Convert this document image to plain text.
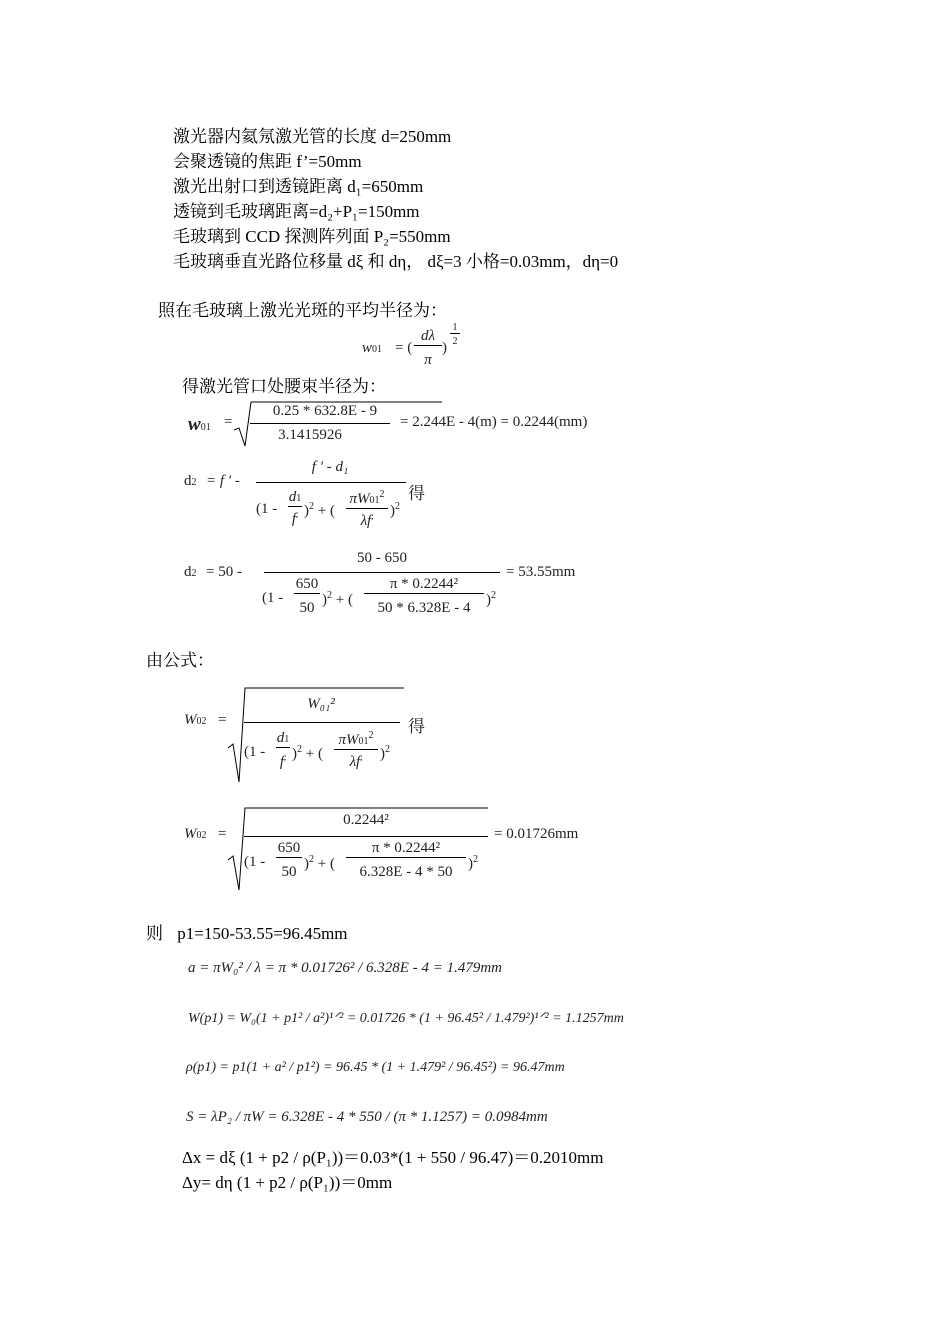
激光器内氦氖激光管的长度 d=250mm
会聚透镜的焦距 f’=50mm
激光出射口到透镜距离 d₁=650mm
透镜到毛玻璃距离=d₂+P₁=150mm
毛玻璃到 CCD 探测阵列面 P₂=550mm
毛玻璃垂直光路位移量 dξ 和 dη， dξ=3 小格=0.03mm，dη=0
照在毛玻璃上激光光斑的平均半径为：
w01 = (
dλ
π
)
1
2
得激光管口处腰束半径为：
w01 =
0.25 * 632.8E - 9
3.1415926
= 2.244E - 4(m) = 0.2244(mm)
d2 = f ′ -
f ′ - d₁
(1 -
d1
f′
)$^2$ + (
$\pi W01^2$
λf′
)$^2$
得
d2 = 50 -
50 - 650
(1 -
650
50 )$^2$ + (
π * 0.2244²
50 * 6.328E - 4	)$^2$
= 53.55mm
由公式：
W02 =
W₀₁²
(1 -
d1
f′
)$^2$ + (
$\pi W01^2$
λf′
)$^2$
得
W02 =
0.2244²
(1 -
650
50 )$^2$ + (
π * 0.2244²
6.328E - 4 * 50	)$^2$
= 0.01726mm
则 p1=150-53.55=96.45mm
a = πW₀² / λ = π * 0.01726² / 6.328E - 4 = 1.479mm
W(p1) = W₀(1 + p1² / a²)¹ᐟ² = 0.01726 * (1 + 96.45² / 1.479²)¹ᐟ² = 1.1257mm
ρ(p1) = p1(1 + a² / p1²) = 96.45 * (1 + 1.479² / 96.45²) = 96.47mm
S = λP₂ / πW = 6.328E - 4 * 550 / (π * 1.1257) = 0.0984mm
Δx = dξ (1 + p2 / ρ(P₁))＝0.03*(1 + 550 / 96.47)＝0.2010mm
Δy= dη (1 + p2 / ρ(P₁))＝0mm
